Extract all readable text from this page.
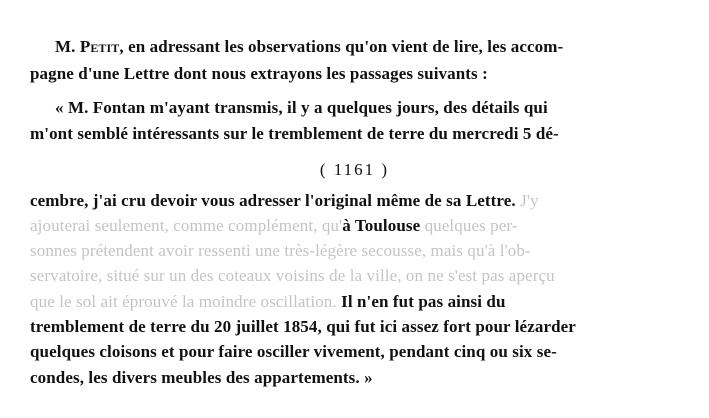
M. Petit, en adressant les observations qu'on vient de lire, les accom-
pagne d'une Lettre dont nous extrayons les passages suivants :
« M. Fontan m'ayant transmis, il y a quelques jours, des détails qui
m'ont semblé intéressants sur le tremblement de terre du mercredi 5 dé-
( 1161 )
cembre, j'ai cru devoir vous adresser l'original même de sa Lettre. J'y
ajouterai seulement, comme complément, qu'à Toulouse quelques per-
sonnes prétendent avoir ressenti une très-légère secousse, mais qu'à l'ob-
servatoire, situé sur un des coteaux voisins de la ville, on ne s'est pas aperçu
que le sol ait éprouvé la moindre oscillation. Il n'en fut pas ainsi du
tremblement de terre du 20 juillet 1854, qui fut ici assez fort pour lézarder
quelques cloisons et pour faire osciller vivement, pendant cinq ou six se-
condes, les divers meubles des appartements. »
